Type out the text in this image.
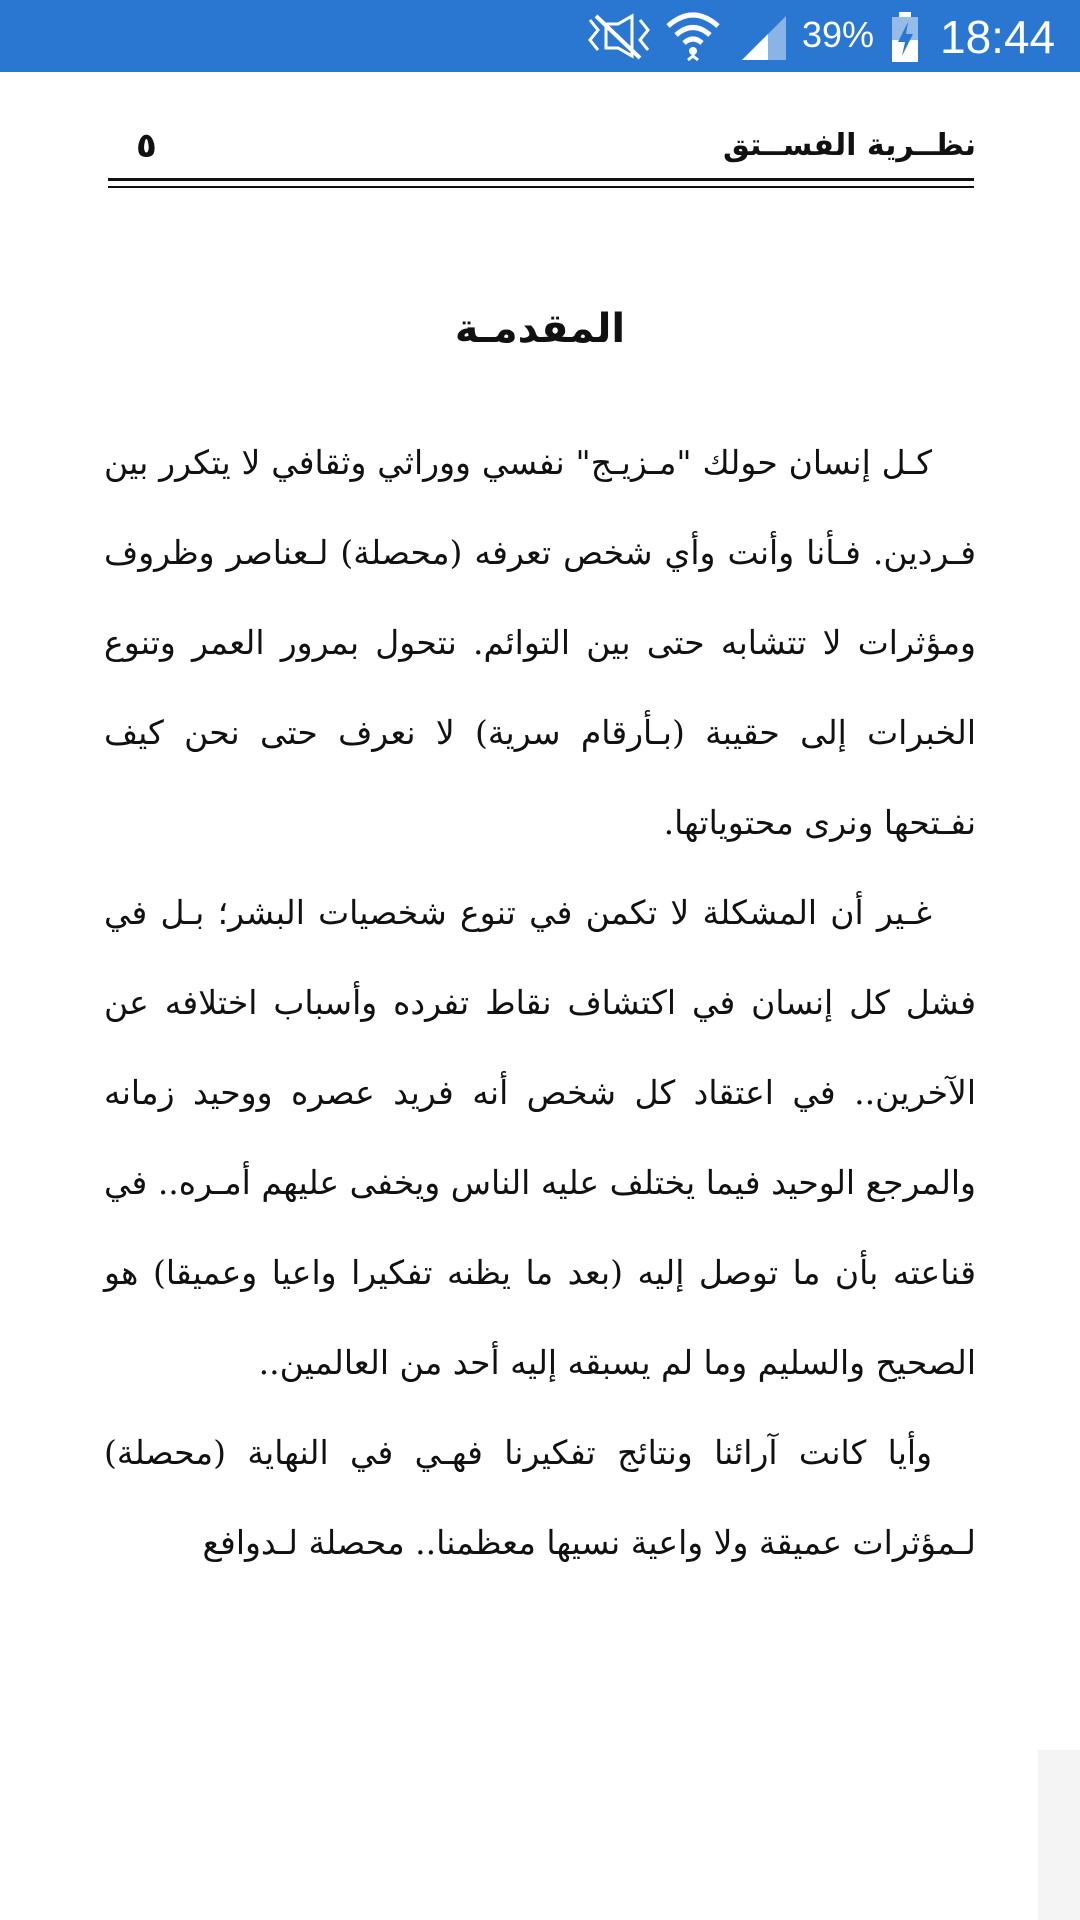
39% 18:44
نظــرية الفســتق
٥
المقدمـة

كـل إنسان حولك "مـزيـج" نفسي ووراثي وثقافي لا يتكرر بين فـردين. فـأنا وأنت وأي شخص تعرفه (محصلة) لـعناصر وظروف ومؤثرات لا تتشابه حتى بين التوائم. نتحول بمرور العمر وتنوع الخبرات إلى حقيبة (بـأرقام سرية) لا نعرف حتى نحن كيف نفـتحها ونرى محتوياتها.

غـير أن المشكلة لا تكمن في تنوع شخصيات البشر؛ بـل في فشل كل إنسان في اكتشاف نقاط تفرده وأسباب اختلافه عن الآخرين.. في اعتقاد كل شخص أنه فريد عصره ووحيد زمانه والمرجع الوحيد فيما يختلف عليه الناس ويخفى عليهم أمـره.. في قناعته بأن ما توصل إليه (بعد ما يظنه تفكيرا واعيا وعميقا) هو الصحيح والسليم وما لم يسبقه إليه أحد من العالمين..

وأيا كانت آرائنا ونتائج تفكيرنا فهـي في النهاية (محصلة) لـمؤثرات عميقة ولا واعية نسيها معظمنا.. محصلة لـدوافع
